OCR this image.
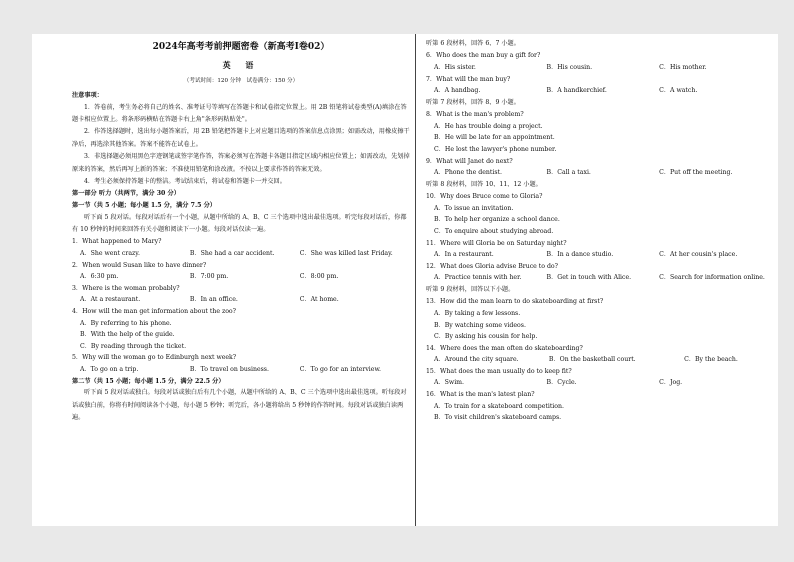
2024年高考考前押题密卷（新高考Ⅰ卷02）
英 语
（考试时间：120 分钟　试卷满分：150 分）
注意事项：
1．答卷前，考生务必将自己的姓名、准考证号等填写在答题卡和试卷指定位置上。用 2B 铅笔将试卷类型(A)填涂在答题卡相应位置上。将条形码横贴在答题卡右上角"条形码粘贴处"。
2．作答选择题时，选出每小题答案后，用 2B 铅笔把答题卡上对应题目选项的答案信息点涂黑；如需改动，用橡皮擦干净后，再选涂其他答案。答案不能答在试卷上。
3．非选择题必须用黑色字迹钢笔或签字笔作答，答案必须写在答题卡各题目指定区域内相应位置上；如需改动，先划掉原来的答案，然后再写上新的答案；不准使用铅笔和涂改液。不按以上要求作答的答案无效。
4．考生必须保持答题卡的整洁。考试结束后，将试卷和答题卡一并交回。
第一部分 听力（共两节，满分 30 分）
第一节（共 5 小题；每小题 1.5 分，满分 7.5 分）
听下面 5 段对话。每段对话后有一个小题，从题中所给的 A、B、C 三个选项中选出最佳选项。听完每段对话后，你都有 10 秒钟的时间来回答有关小题和阅读下一小题。每段对话仅读一遍。
1．What happened to Mary?
A．She went crazy.	B．She had a car accident.	C．She was killed last Friday.
2．When would Susan like to have dinner?
A．6:30 pm.	B．7:00 pm.	C．8:00 pm.
3．Where is the woman probably?
A．At a restaurant.	B．In an office.	C．At home.
4．How will the man get information about the zoo?
A．By referring to his phone.
B．With the help of the guide.
C．By reading through the ticket.
5．Why will the woman go to Edinburgh next week?
A．To go on a trip.	B．To travel on business.	C．To go for an interview.
第二节（共 15 小题；每小题 1.5 分，满分 22.5 分）
听下面 5 段对话或独白。每段对话或独白后有几个小题，从题中所给的 A、B、C 三个选项中选出最佳选项。听每段对话或独白前，你将有时间阅读各个小题，每小题 5 秒钟；听完后，各小题将给出 5 秒钟的作答时间。每段对话或独白读两遍。
听第 6 段材料，回答 6、7 小题。
6．Who does the man buy a gift for?
A．His sister.	B．His cousin.	C．His mother.
7．What will the man buy?
A．A handbag.	B．A handkerchief.	C．A watch.
听第 7 段材料，回答 8、9 小题。
8．What is the man's problem?
A．He has trouble doing a project.
B．He will be late for an appointment.
C．He lost the lawyer's phone number.
9．What will Janet do next?
A．Phone the dentist.	B．Call a taxi.	C．Put off the meeting.
听第 8 段材料，回答 10、11、12 小题。
10．Why does Bruce come to Gloria?
A．To issue an invitation.
B．To help her organize a school dance.
C．To enquire about studying abroad.
11．Where will Gloria be on Saturday night?
A．In a restaurant.	B．In a dance studio.	C．At her cousin's place.
12．What does Gloria advise Bruce to do?
A．Practice tennis with her.	B．Get in touch with Alice.	C．Search for information online.
听第 9 段材料，回答以下小题。
13．How did the man learn to do skateboarding at first?
A．By taking a few lessons.
B．By watching some videos.
C．By asking his cousin for help.
14．Where does the man often do skateboarding?
A．Around the city square.	B．On the basketball court.	C．By the beach.
15．What does the man usually do to keep fit?
A．Swim.	B．Cycle.	C．Jog.
16．What is the man's latest plan?
A．To train for a skateboard competition.
B．To visit children's skateboard camps.
